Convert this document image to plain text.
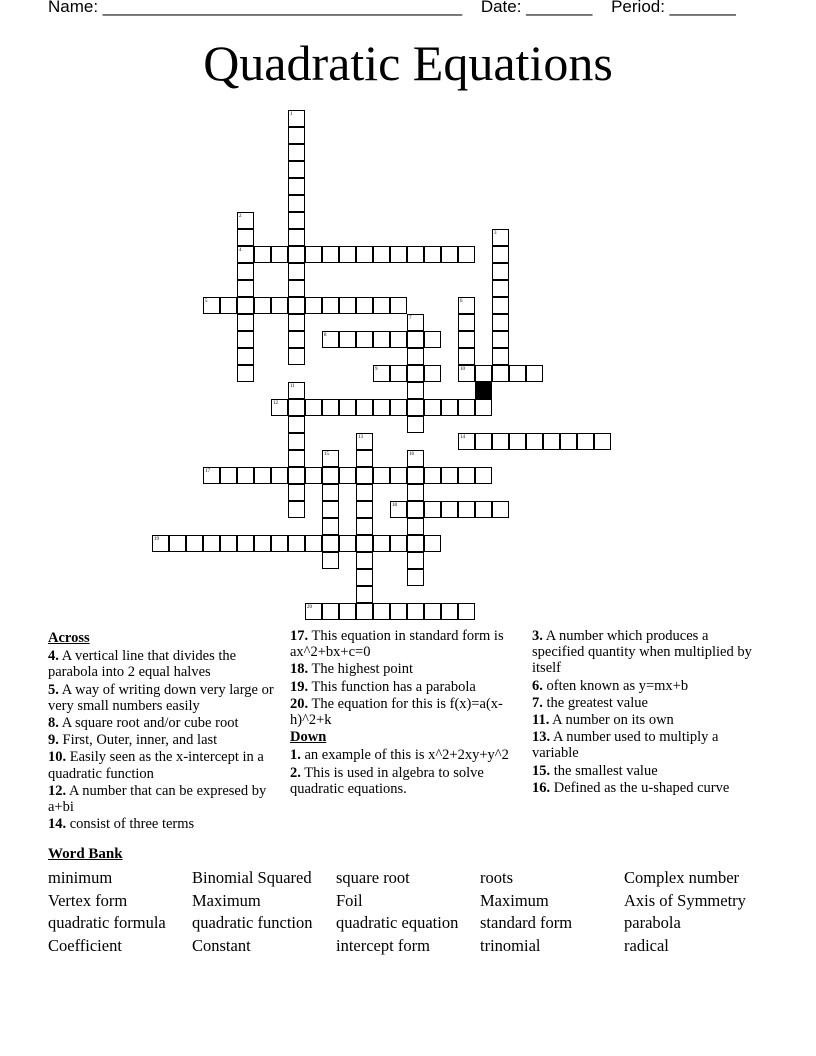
Name: ______________________________________ Date: _______ Period: _______
Quadratic Equations
1
2
3
4
5	6
7
8
9	10
11
12
13	14
15	16
17
18
19
20
Across
4. A vertical line that divides the parabola into 2 equal halves
5. A way of writing down very large or very small numbers easily
8. A square root and/or cube root
9. First, Outer, inner, and last
10. Easily seen as the x-intercept in a quadratic function
12. A number that can be expresed by a+bi
14. consist of three terms
17. This equation in standard form is ax^2+bx+c=0
18. The highest point
19. This function has a parabola
20. The equation for this is f(x)=a(x-h)^2+k
Down
1. an example of this is x^2+2xy+y^2
2. This is used in algebra to solve quadratic equations.
3. A number which produces a specified quantity when multiplied by itself
6. often known as y=mx+b
7. the greatest value
11. A number on its own
13. A number used to multiply a variable
15. the smallest value
16. Defined as the u-shaped curve
Word Bank
minimum	Binomial Squared	square root	roots	Complex number
Vertex form	Maximum	Foil	Maximum	Axis of Symmetry
quadratic formula	quadratic function	quadratic equation	standard form	parabola
Coefficient	Constant	intercept form	trinomial	radical
